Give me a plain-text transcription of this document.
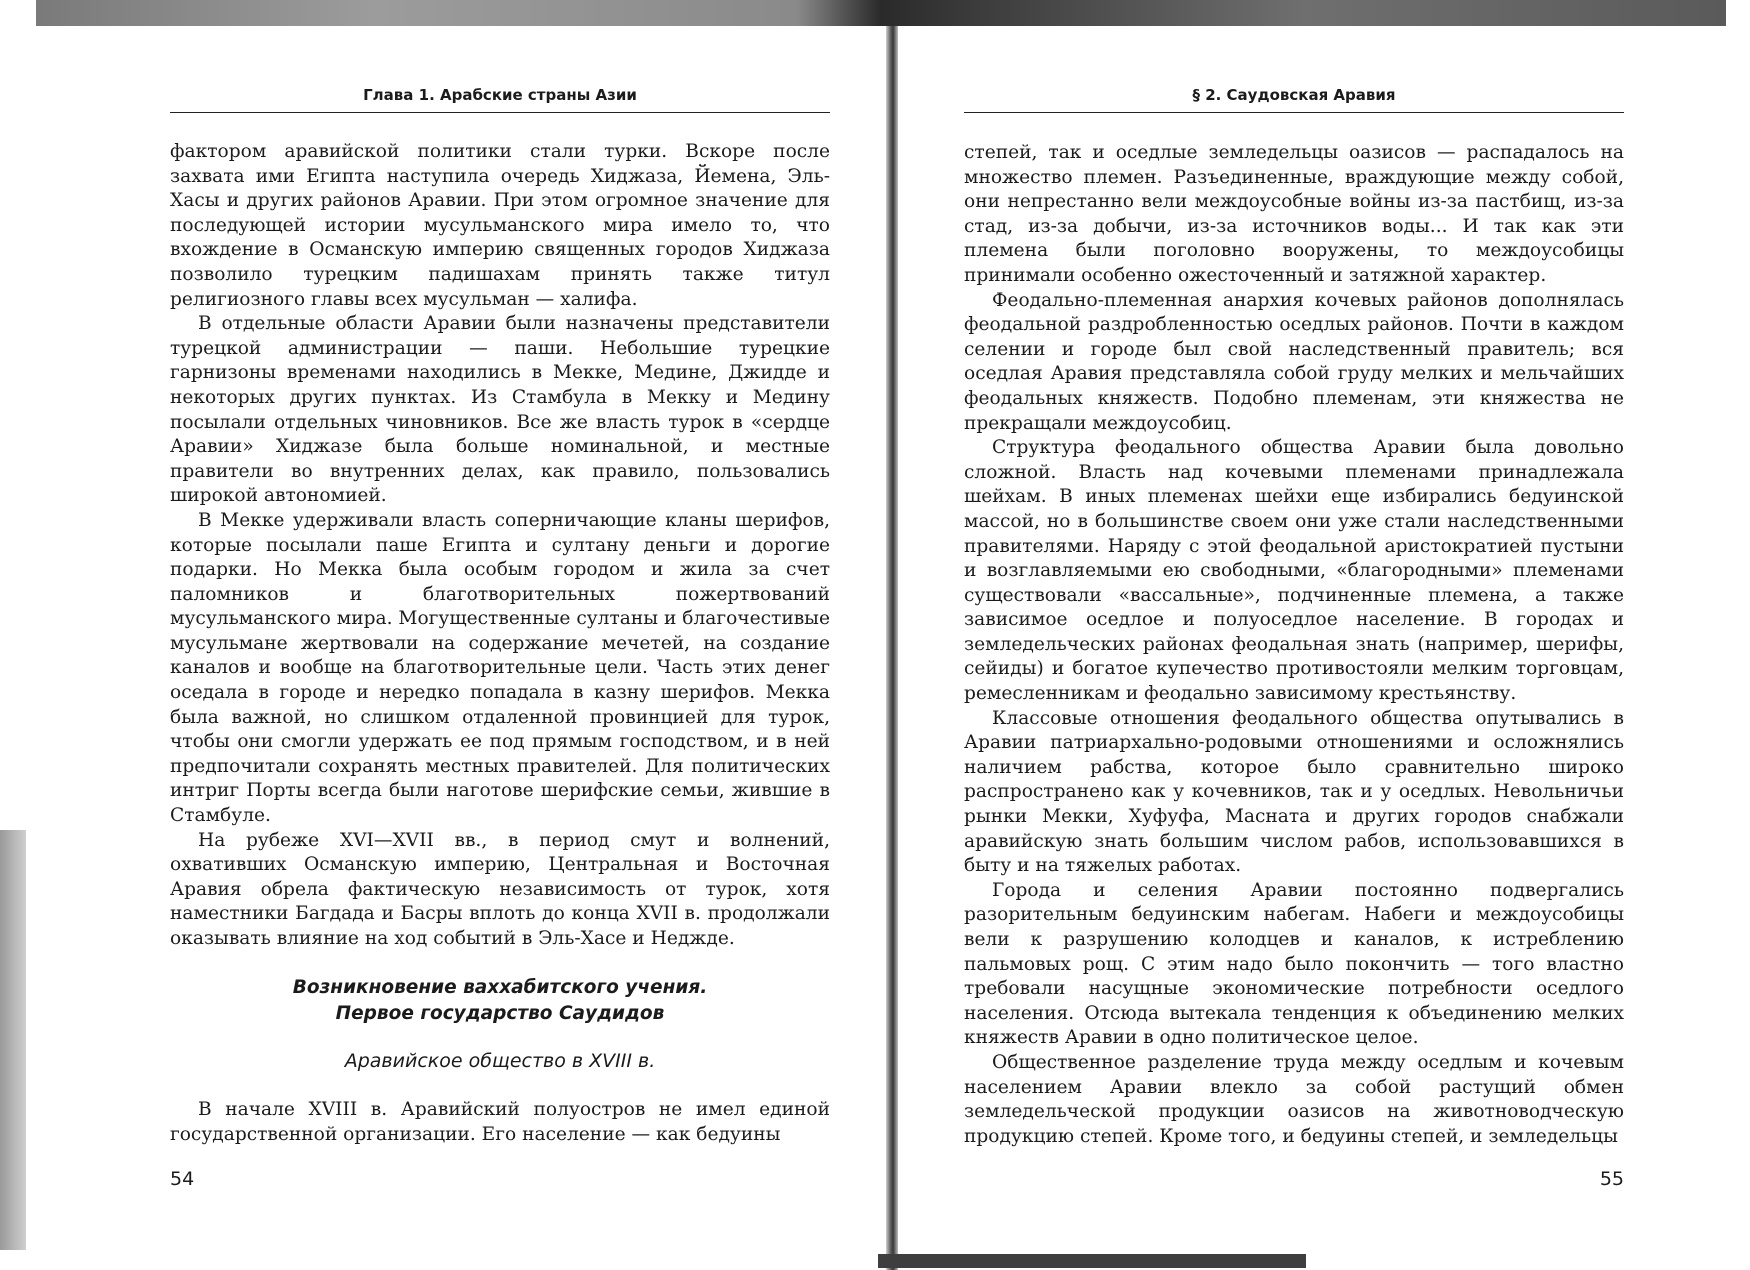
Глава 1. Арабские страны Азии

фактором аравийской политики стали турки. Вскоре после захвата ими Египта наступила очередь Хиджаза, Йемена, Эль-Хасы и других районов Аравии. При этом огромное значение для последующей истории мусульманского мира имело то, что вхождение в Османскую империю священных городов Хиджаза позволило турецким падишахам принять также титул религиозного главы всех мусульман — халифа.

В отдельные области Аравии были назначены представители турецкой администрации — паши. Небольшие турецкие гарнизоны временами находились в Мекке, Медине, Джидде и некоторых других пунктах. Из Стамбула в Мекку и Медину посылали отдельных чиновников. Все же власть турок в «сердце Аравии» Хиджазе была больше номинальной, и местные правители во внутренних делах, как правило, пользовались широкой автономией.

В Мекке удерживали власть соперничающие кланы шерифов, которые посылали паше Египта и султану деньги и дорогие подарки. Но Мекка была особым городом и жила за счет паломников и благотворительных пожертвований мусульманского мира. Могущественные султаны и благочестивые мусульмане жертвовали на содержание мечетей, на создание каналов и вообще на благотворительные цели. Часть этих денег оседала в городе и нередко попадала в казну шерифов. Мекка была важной, но слишком отдаленной провинцией для турок, чтобы они смогли удержать ее под прямым господством, и в ней предпочитали сохранять местных правителей. Для политических интриг Порты всегда были наготове шерифские семьи, жившие в Стамбуле.

На рубеже XVI—XVII вв., в период смут и волнений, охвативших Османскую империю, Центральная и Восточная Аравия обрела фактическую независимость от турок, хотя наместники Багдада и Басры вплоть до конца XVII в. продолжали оказывать влияние на ход событий в Эль-Хасе и Неджде.

Возникновение ваххабитского учения.
Первое государство Саудидов
Аравийское общество в XVIII в.

В начале XVIII в. Аравийский полуостров не имел единой государственной организации. Его население — как бедуины

54
§ 2. Саудовская Аравия

степей, так и оседлые земледельцы оазисов — распадалось на множество племен. Разъединенные, враждующие между собой, они непрестанно вели междоусобные войны из-за пастбищ, из-за стад, из-за добычи, из-за источников воды... И так как эти племена были поголовно вооружены, то междоусобицы принимали особенно ожесточенный и затяжной характер.

Феодально-племенная анархия кочевых районов дополнялась феодальной раздробленностью оседлых районов. Почти в каждом селении и городе был свой наследственный правитель; вся оседлая Аравия представляла собой груду мелких и мельчайших феодальных княжеств. Подобно племенам, эти княжества не прекращали междоусобиц.

Структура феодального общества Аравии была довольно сложной. Власть над кочевыми племенами принадлежала шейхам. В иных племенах шейхи еще избирались бедуинской массой, но в большинстве своем они уже стали наследственными правителями. Наряду с этой феодальной аристократией пустыни и возглавляемыми ею свободными, «благородными» племенами существовали «вассальные», подчиненные племена, а также зависимое оседлое и полуоседлое население. В городах и земледельческих районах феодальная знать (например, шерифы, сейиды) и богатое купечество противостояли мелким торговцам, ремесленникам и феодально зависимому крестьянству.

Классовые отношения феодального общества опутывались в Аравии патриархально-родовыми отношениями и осложнялись наличием рабства, которое было сравнительно широко распространено как у кочевников, так и у оседлых. Невольничьи рынки Мекки, Хуфуфа, Масната и других городов снабжали аравийскую знать большим числом рабов, использовавшихся в быту и на тяжелых работах.

Города и селения Аравии постоянно подвергались разорительным бедуинским набегам. Набеги и междоусобицы вели к разрушению колодцев и каналов, к истреблению пальмовых рощ. С этим надо было покончить — того властно требовали насущные экономические потребности оседлого населения. Отсюда вытекала тенденция к объединению мелких княжеств Аравии в одно политическое целое.

Общественное разделение труда между оседлым и кочевым населением Аравии влекло за собой растущий обмен земледельческой продукции оазисов на животноводческую продукцию степей. Кроме того, и бедуины степей, и земледельцы

55
